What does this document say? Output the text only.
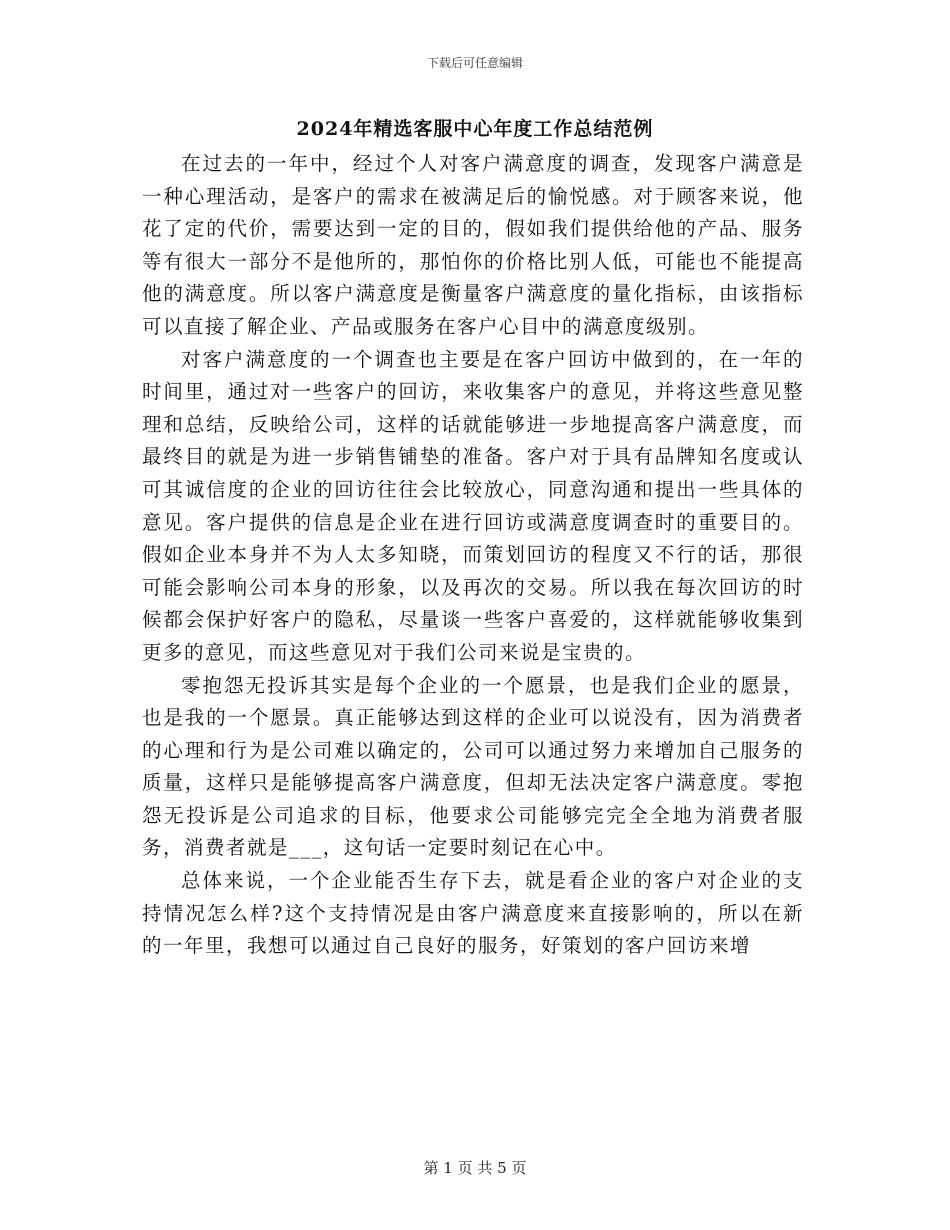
下载后可任意编辑
2024年精选客服中心年度工作总结范例

在过去的一年中，经过个人对客户满意度的调查，发现客户满意是一种心理活动，是客户的需求在被满足后的愉悦感。对于顾客来说，他花了定的代价，需要达到一定的目的，假如我们提供给他的产品、服务等有很大一部分不是他所的，那怕你的价格比别人低，可能也不能提高他的满意度。所以客户满意度是衡量客户满意度的量化指标，由该指标可以直接了解企业、产品或服务在客户心目中的满意度级别。

对客户满意度的一个调查也主要是在客户回访中做到的，在一年的时间里，通过对一些客户的回访，来收集客户的意见，并将这些意见整理和总结，反映给公司，这样的话就能够进一步地提高客户满意度，而最终目的就是为进一步销售铺垫的准备。客户对于具有品牌知名度或认可其诚信度的企业的回访往往会比较放心，同意沟通和提出一些具体的意见。客户提供的信息是企业在进行回访或满意度调查时的重要目的。假如企业本身并不为人太多知晓，而策划回访的程度又不行的话，那很可能会影响公司本身的形象，以及再次的交易。所以我在每次回访的时候都会保护好客户的隐私，尽量谈一些客户喜爱的，这样就能够收集到更多的意见，而这些意见对于我们公司来说是宝贵的。

零抱怨无投诉其实是每个企业的一个愿景，也是我们企业的愿景，也是我的一个愿景。真正能够达到这样的企业可以说没有，因为消费者的心理和行为是公司难以确定的，公司可以通过努力来增加自己服务的质量，这样只是能够提高客户满意度，但却无法决定客户满意度。零抱怨无投诉是公司追求的目标，他要求公司能够完完全全地为消费者服务，消费者就是___，这句话一定要时刻记在心中。

总体来说，一个企业能否生存下去，就是看企业的客户对企业的支持情况怎么样?这个支持情况是由客户满意度来直接影响的，所以在新的一年里，我想可以通过自己良好的服务，好策划的客户回访来增

第 1 页 共 5 页
